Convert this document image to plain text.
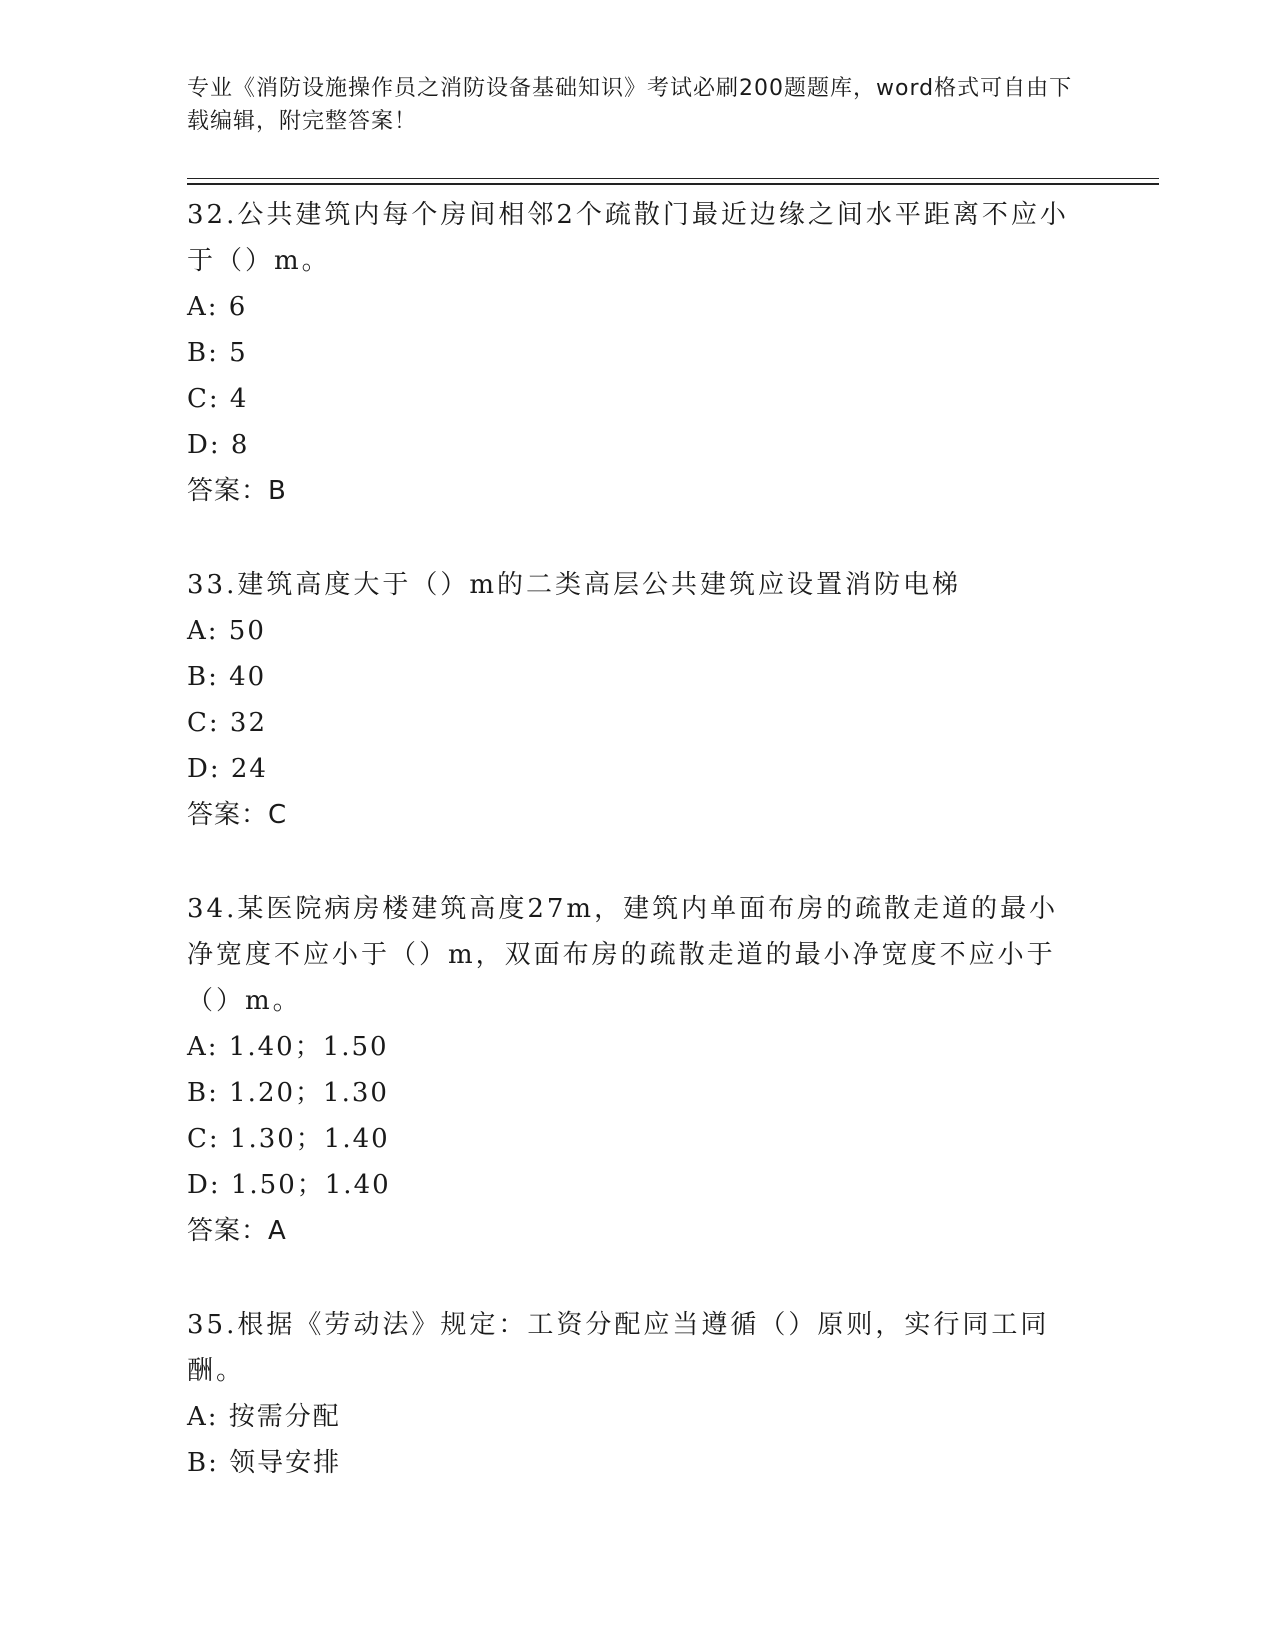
专业《消防设施操作员之消防设备基础知识》考试必刷200题题库，word格式可自由下载编辑，附完整答案！

32.公共建筑内每个房间相邻2个疏散门最近边缘之间水平距离不应小于（）m。

A: 6

B: 5

C: 4

D: 8

答案：B

33.建筑高度大于（）m的二类高层公共建筑应设置消防电梯

A: 50

B: 40

C: 32

D: 24

答案：C

34.某医院病房楼建筑高度27m，建筑内单面布房的疏散走道的最小净宽度不应小于（）m，双面布房的疏散走道的最小净宽度不应小于（）m。

A: 1.40；1.50

B: 1.20；1.30

C: 1.30；1.40

D: 1.50；1.40

答案：A

35.根据《劳动法》规定：工资分配应当遵循（）原则，实行同工同酬。

A: 按需分配

B: 领导安排
